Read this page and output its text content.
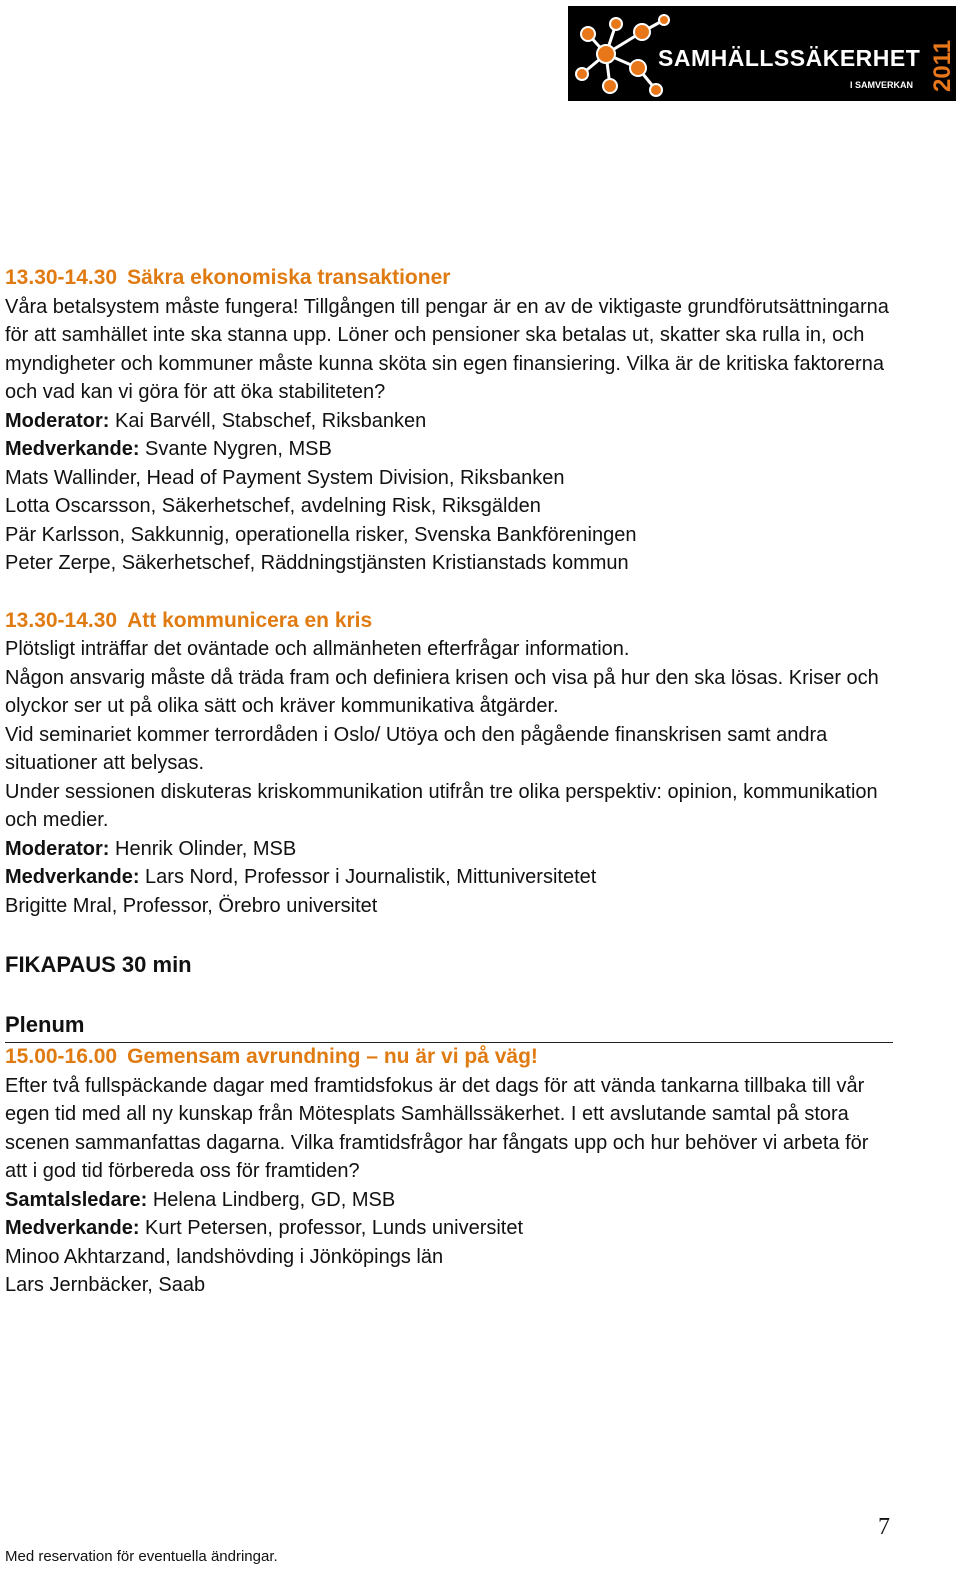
SAMHÄLLSSÄKERHET
I SAMVERKAN 2011

13.30-14.30 Säkra ekonomiska transaktioner

Våra betalsystem måste fungera! Tillgången till pengar är en av de viktigaste grundförutsättningarna för att samhället inte ska stanna upp. Löner och pensioner ska betalas ut, skatter ska rulla in, och myndigheter och kommuner måste kunna sköta sin egen finansiering. Vilka är de kritiska faktorerna och vad kan vi göra för att öka stabiliteten?

Moderator: Kai Barvéll, Stabschef, Riksbanken

Medverkande: Svante Nygren, MSB

Mats Wallinder, Head of Payment System Division, Riksbanken

Lotta Oscarsson, Säkerhetschef, avdelning Risk, Riksgälden

Pär Karlsson, Sakkunnig, operationella risker, Svenska Bankföreningen

Peter Zerpe, Säkerhetschef, Räddningstjänsten Kristianstads kommun

13.30-14.30 Att kommunicera en kris

Plötsligt inträffar det oväntade och allmänheten efterfrågar information.

Någon ansvarig måste då träda fram och definiera krisen och visa på hur den ska lösas. Kriser och olyckor ser ut på olika sätt och kräver kommunikativa åtgärder.

Vid seminariet kommer terrordåden i Oslo/ Utöya och den pågående finanskrisen samt andra situationer att belysas.

Under sessionen diskuteras kriskommunikation utifrån tre olika perspektiv: opinion, kommunikation och medier.

Moderator: Henrik Olinder, MSB

Medverkande: Lars Nord, Professor i Journalistik, Mittuniversitetet

Brigitte Mral, Professor, Örebro universitet

FIKAPAUS 30 min

Plenum

15.00-16.00 Gemensam avrundning – nu är vi på väg!

Efter två fullspäckande dagar med framtidsfokus är det dags för att vända tankarna tillbaka till vår egen tid med all ny kunskap från Mötesplats Samhällssäkerhet. I ett avslutande samtal på stora scenen sammanfattas dagarna. Vilka framtidsfrågor har fångats upp och hur behöver vi arbeta för att i god tid förbereda oss för framtiden?

Samtalsledare: Helena Lindberg, GD, MSB

Medverkande: Kurt Petersen, professor, Lunds universitet

Minoo Akhtarzand, landshövding i Jönköpings län

Lars Jernbäcker, Saab

7
Med reservation för eventuella ändringar.
